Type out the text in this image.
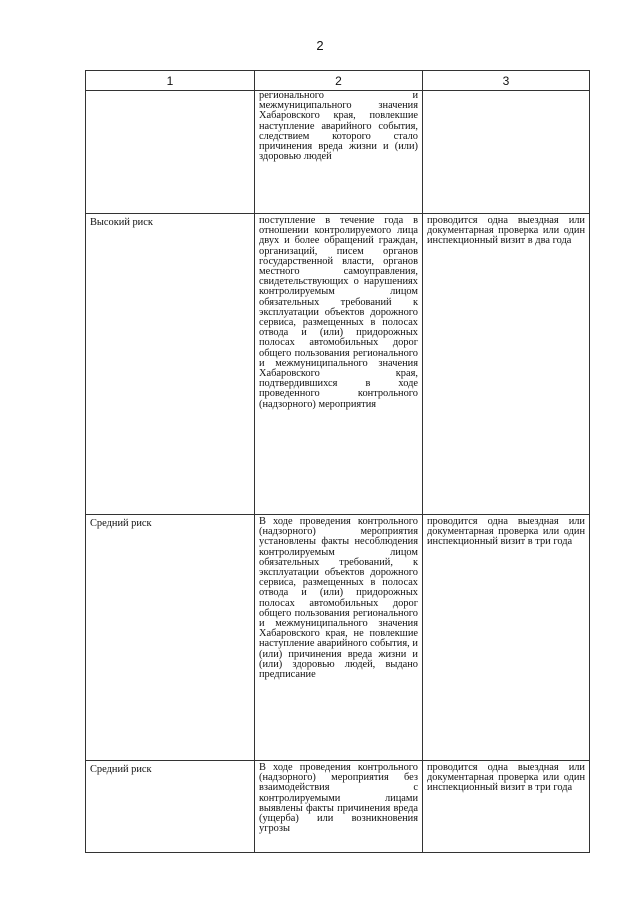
2
1	2	3
	регионального и межмуниципального значения Хабаровского края, повлекшие наступление аварийного события, следствием которого стало причинения вреда жизни и (или) здоровью людей	
Высокий риск	поступление в течение года в отношении контролируемого лица двух и более обращений граждан, организаций, писем органов государственной власти, органов местного самоуправления, свидетельствующих о нарушениях контролируемым лицом обязательных требований к эксплуатации объектов дорожного сервиса, размещенных в полосах отвода и (или) придорожных полосах автомобильных дорог общего пользования регионального и межмуниципального значения Хабаровского края, подтвердившихся в ходе проведенного контрольного (надзорного) мероприятия	проводится одна выездная или документарная проверка или один инспекционный визит в два года
Средний риск	В ходе проведения контрольного (надзорного) мероприятия установлены факты несоблюдения контролируемым лицом обязательных требований, к эксплуатации объектов дорожного сервиса, размещенных в полосах отвода и (или) придорожных полосах автомобильных дорог общего пользования регионального и межмуниципального значения Хабаровского края, не повлекшие наступление аварийного события, и (или) причинения вреда жизни и (или) здоровью людей, выдано предписание	проводится одна выездная или документарная проверка или один инспекционный визит в три года
Средний риск	В ходе проведения контрольного (надзорного) мероприятия без взаимодействия с контролируемыми лицами выявлены факты причинения вреда (ущерба) или возникновения угрозы	проводится одна выездная или документарная проверка или один инспекционный визит в три года
